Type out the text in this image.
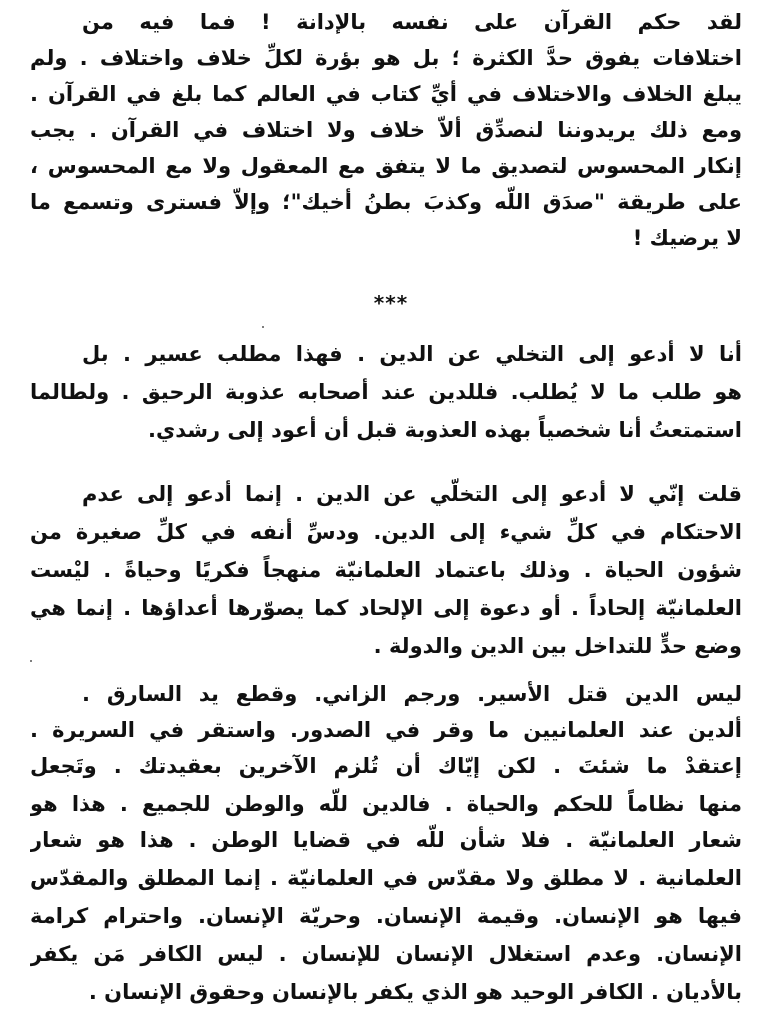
لقد حكم القرآن على نفسه بالإدانة ! فما فيه من
اختلافات يفوق حدَّ الكثرة ؛ بل هو بؤرة لكلِّ خلاف واختلاف . ولم
يبلغ الخلاف والاختلاف في أيِّ كتاب في العالم كما بلغ في القرآن .
ومع ذلك يريدوننا لنصدِّق ألاّ خلاف ولا اختلاف في القرآن . يجب
إنكار المحسوس لتصديق ما لا يتفق مع المعقول ولا مع المحسوس ،
على طريقة "صدَق اللّه وكذبَ بطنُ أخيك"؛ وإلاّ فسترى وتسمع ما
لا يرضيك !
***
أنا لا أدعو إلى التخلي عن الدين . فهذا مطلب عسير . بل
هو طلب ما لا يُطلب. فللدين عند أصحابه عذوبة الرحيق . ولطالما
استمتعتُ أنا شخصياً بهذه العذوبة قبل أن أعود إلى رشدي.
قلت إنّي لا أدعو إلى التخلّي عن الدين . إنما أدعو إلى عدم
الاحتكام في كلِّ شيء إلى الدين. ودسِّ أنفه في كلِّ صغيرة من
شؤون الحياة . وذلك باعتماد العلمانيّة منهجاً فكريًا وحياةً . ليْست
العلمانيّة إلحاداً . أو دعوة إلى الإلحاد كما يصوّرها أعداؤها . إنما هي
وضع حدٍّ للتداخل بين الدين والدولة .
ليس الدين قتل الأسير. ورجم الزاني. وقطع يد السارق .
ألدين عند العلمانيين ما وقر في الصدور. واستقر في السريرة .
إعتقدْ ما شئتَ . لكن إيّاك أن تُلزم الآخرين بعقيدتك . وتَجعل
منها نظاماً للحكم والحياة . فالدين للّه والوطن للجميع . هذا هو
شعار العلمانيّة . فلا شأن للّه في قضايا الوطن . هذا هو شعار
العلمانية . لا مطلق ولا مقدّس في العلمانيّة . إنما المطلق والمقدّس
فيها هو الإنسان. وقيمة الإنسان. وحريّة الإنسان. واحترام كرامة
الإنسان. وعدم استغلال الإنسان للإنسان . ليس الكافر مَن يكفر
بالأديان . الكافر الوحيد هو الذي يكفر بالإنسان وحقوق الإنسان .
